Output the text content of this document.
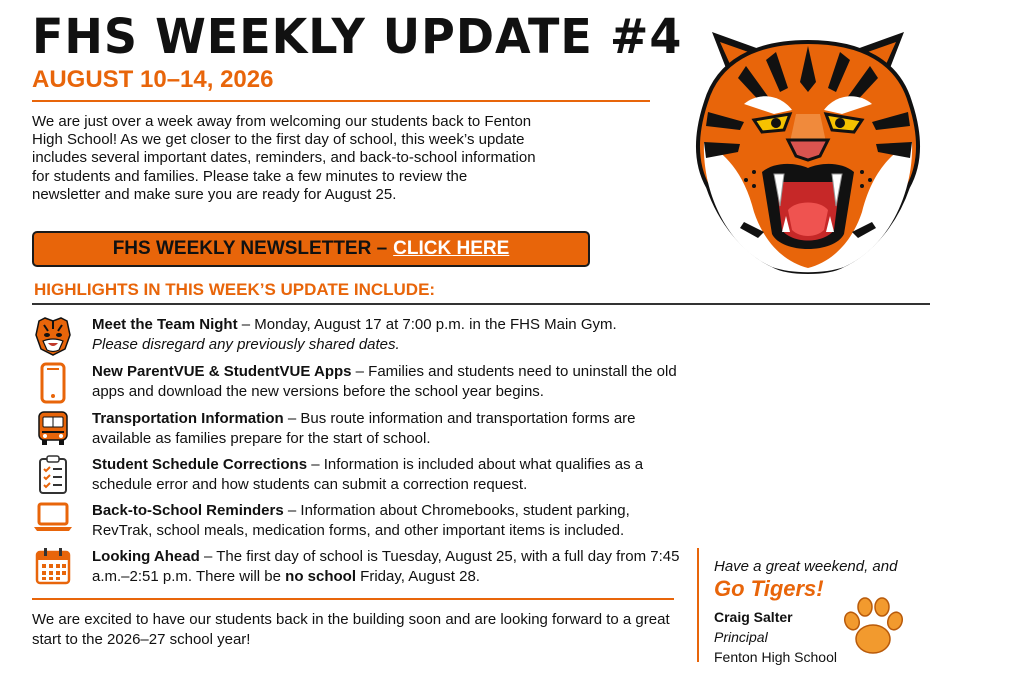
FHS WEEKLY UPDATE #4
AUGUST 10–14, 2026

We are just over a week away from welcoming our students back to Fenton High School! As we get closer to the first day of school, this week’s update includes several important dates, reminders, and back-to-school information for students and families. Please take a few minutes to review the newsletter and make sure you are ready for August 25.

FHS WEEKLY NEWSLETTER – CLICK HERE
HIGHLIGHTS IN THIS WEEK’S UPDATE INCLUDE:
Meet the Team Night – Monday, August 17 at 7:00 p.m. in the FHS Main Gym.
Please disregard any previously shared dates.
New ParentVUE & StudentVUE Apps – Families and students need to uninstall the old apps and download the new versions before the school year begins.
Transportation Information – Bus route information and transportation forms are available as families prepare for the start of school.
Student Schedule Corrections – Information is included about what qualifies as a schedule error and how students can submit a correction request.
Back-to-School Reminders – Information about Chromebooks, student parking, RevTrak, school meals, medication forms, and other important items is included.
Looking Ahead – The first day of school is Tuesday, August 25, with a full day from 7:45 a.m.–2:51 p.m. There will be no school Friday, August 28.

We are excited to have our students back in the building soon and are looking forward to a great start to the 2026–27 school year!

Have a great weekend, and
Go Tigers!
Craig Salter
Principal
Fenton High School
